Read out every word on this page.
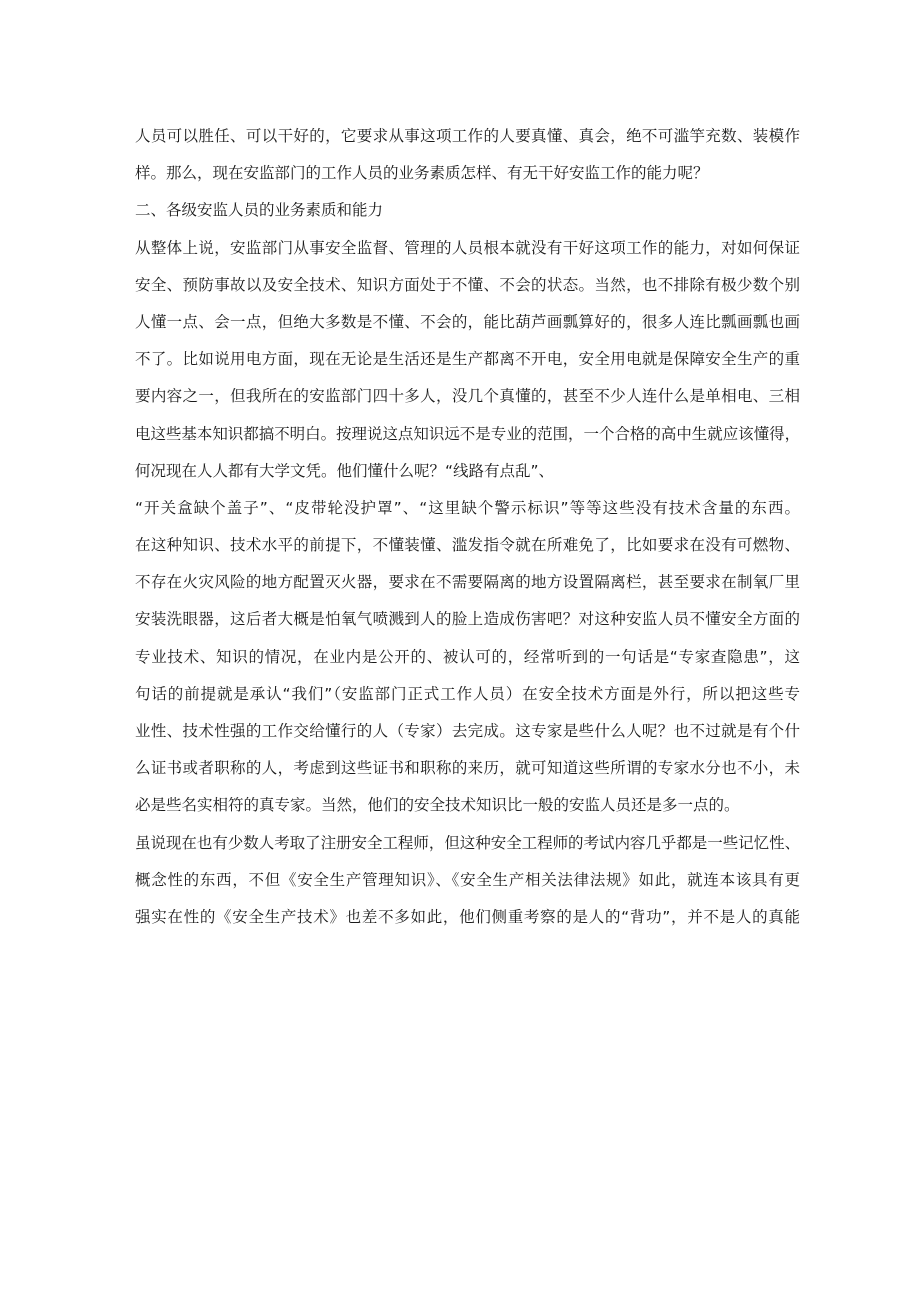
人员可以胜任、可以干好的，它要求从事这项工作的人要真懂、真会，绝不可滥竽充数、装模作
样。那么，现在安监部门的工作人员的业务素质怎样、有无干好安监工作的能力呢？
二、各级安监人员的业务素质和能力
从整体上说，安监部门从事安全监督、管理的人员根本就没有干好这项工作的能力，对如何保证
安全、预防事故以及安全技术、知识方面处于不懂、不会的状态。当然，也不排除有极少数个别
人懂一点、会一点，但绝大多数是不懂、不会的，能比葫芦画瓢算好的，很多人连比瓢画瓢也画
不了。比如说用电方面，现在无论是生活还是生产都离不开电，安全用电就是保障安全生产的重
要内容之一，但我所在的安监部门四十多人，没几个真懂的，甚至不少人连什么是单相电、三相
电这些基本知识都搞不明白。按理说这点知识远不是专业的范围，一个合格的高中生就应该懂得，
何况现在人人都有大学文凭。他们懂什么呢？“线路有点乱”、
“开关盒缺个盖子”、“皮带轮没护罩”、“这里缺个警示标识”等等这些没有技术含量的东西。
在这种知识、技术水平的前提下，不懂装懂、滥发指令就在所难免了，比如要求在没有可燃物、
不存在火灾风险的地方配置灭火器，要求在不需要隔离的地方设置隔离栏，甚至要求在制氧厂里
安装洗眼器，这后者大概是怕氧气喷溅到人的脸上造成伤害吧？对这种安监人员不懂安全方面的
专业技术、知识的情况，在业内是公开的、被认可的，经常听到的一句话是“专家查隐患”，这
句话的前提就是承认“我们”（安监部门正式工作人员）在安全技术方面是外行，所以把这些专
业性、技术性强的工作交给懂行的人（专家）去完成。这专家是些什么人呢？也不过就是有个什
么证书或者职称的人，考虑到这些证书和职称的来历，就可知道这些所谓的专家水分也不小，未
必是些名实相符的真专家。当然，他们的安全技术知识比一般的安监人员还是多一点的。
虽说现在也有少数人考取了注册安全工程师，但这种安全工程师的考试内容几乎都是一些记忆性、
概念性的东西，不但《安全生产管理知识》、《安全生产相关法律法规》如此，就连本该具有更
强实在性的《安全生产技术》也差不多如此，他们侧重考察的是人的“背功”，并不是人的真能
